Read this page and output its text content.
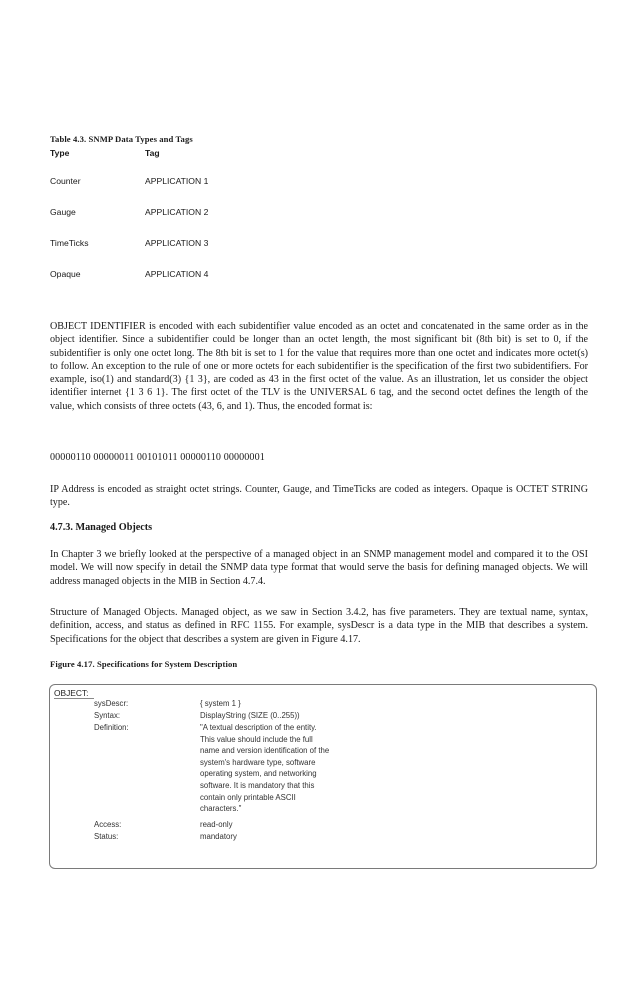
Table 4.3. SNMP Data Types and Tags
Type	Tag
Counter	APPLICATION 1
Gauge	APPLICATION 2
TimeTicks	APPLICATION 3
Opaque	APPLICATION 4

OBJECT IDENTIFIER is encoded with each subidentifier value encoded as an octet and concatenated in the same order as in the object identifier. Since a subidentifier could be longer than an octet length, the most significant bit (8th bit) is set to 0, if the subidentifier is only one octet long. The 8th bit is set to 1 for the value that requires more than one octet and indicates more octet(s) to follow. An exception to the rule of one or more octets for each subidentifier is the specification of the first two subidentifiers. For example, iso(1) and standard(3) {1 3}, are coded as 43 in the first octet of the value. As an illustration, let us consider the object identifier internet {1 3 6 1}. The first octet of the TLV is the UNIVERSAL 6 tag, and the second octet defines the length of the value, which consists of three octets (43, 6, and 1). Thus, the encoded format is:

00000110 00000011 00101011 00000110 00000001

IP Address is encoded as straight octet strings. Counter, Gauge, and TimeTicks are coded as integers. Opaque is OCTET STRING type.

4.7.3. Managed Objects

In Chapter 3 we briefly looked at the perspective of a managed object in an SNMP management model and compared it to the OSI model. We will now specify in detail the SNMP data type format that would serve the basis for defining managed objects. We will address managed objects in the MIB in Section 4.7.4.

Structure of Managed Objects. Managed object, as we saw in Section 3.4.2, has five parameters. They are textual name, syntax, definition, access, and status as defined in RFC 1155. For example, sysDescr is a data type in the MIB that describes a system. Specifications for the object that describes a system are given in Figure 4.17.

Figure 4.17. Specifications for System Description
OBJECT:
sysDescr:	{ system 1 }
Syntax:	DisplayString (SIZE (0..255))
Definition:	"A textual description of the entity. This value should include the full name and version identification of the system's hardware type, software operating system, and networking software. It is mandatory that this contain only printable ASCII characters."
Access:	read-only
Status:	mandatory
